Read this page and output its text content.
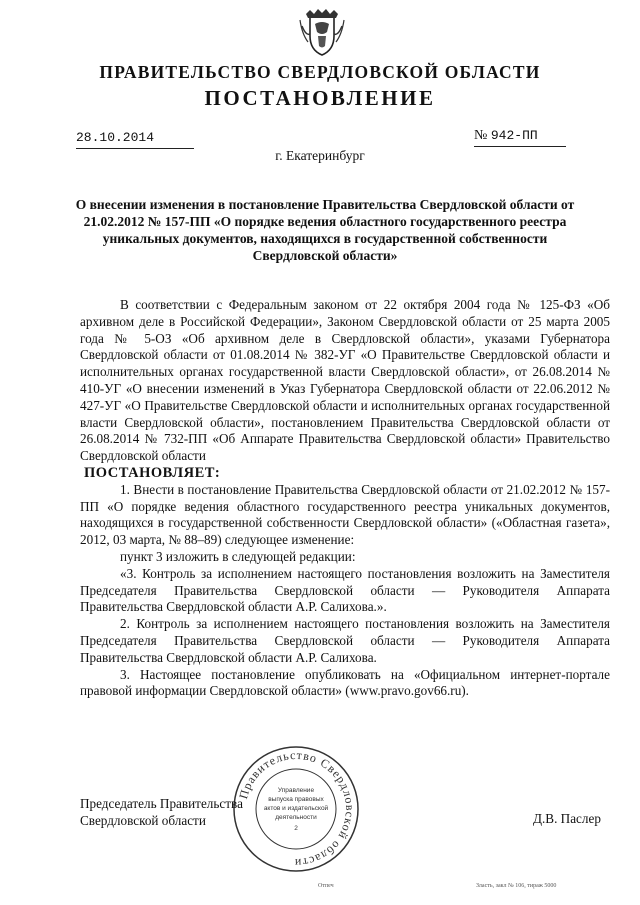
ПРАВИТЕЛЬСТВО СВЕРДЛОВСКОЙ ОБЛАСТИ
ПОСТАНОВЛЕНИЕ
28.10.2014	№ 942-ПП
г. Екатеринбург
О внесении изменения в постановление Правительства Свердловской области от 21.02.2012 № 157-ПП «О порядке ведения областного государственного реестра уникальных документов, находящихся в государственной собственности Свердловской области»

В соответствии с Федеральным законом от 22 октября 2004 года № 125-ФЗ «Об архивном деле в Российской Федерации», Законом Свердловской области от 25 марта 2005 года № 5-ОЗ «Об архивном деле в Свердловской области», указами Губернатора Свердловской области от 01.08.2014 № 382-УГ «О Правительстве Свердловской области и исполнительных органах государственной власти Свердловской области», от 26.08.2014 № 410-УГ «О внесении изменений в Указ Губернатора Свердловской области от 22.06.2012 № 427-УГ «О Правительстве Свердловской области и исполнительных органах государственной власти Свердловской области», постановлением Правительства Свердловской области от 26.08.2014 № 732-ПП «Об Аппарате Правительства Свердловской области» Правительство Свердловской области

ПОСТАНОВЛЯЕТ:

1. Внести в постановление Правительства Свердловской области от 21.02.2012 № 157-ПП «О порядке ведения областного государственного реестра уникальных документов, находящихся в государственной собственности Свердловской области» («Областная газета», 2012, 03 марта, № 88–89) следующее изменение:

пункт 3 изложить в следующей редакции:

«3. Контроль за исполнением настоящего постановления возложить на Заместителя Председателя Правительства Свердловской области — Руководителя Аппарата Правительства Свердловской области А.Р. Салихова.».

2. Контроль за исполнением настоящего постановления возложить на Заместителя Председателя Правительства Свердловской области — Руководителя Аппарата Правительства Свердловской области А.Р. Салихова.

3. Настоящее постановление опубликовать на «Официальном интернет-портале правовой информации Свердловской области» (www.pravo.gov66.ru).

Правительство Свердловской области
Управление
выпуска правовых
актов и издательской
деятельности
2
Председатель Правительства
Свердловской области	Д.В. Паслер
Отпеч	Зласть, закл № 106, тираж 5000
